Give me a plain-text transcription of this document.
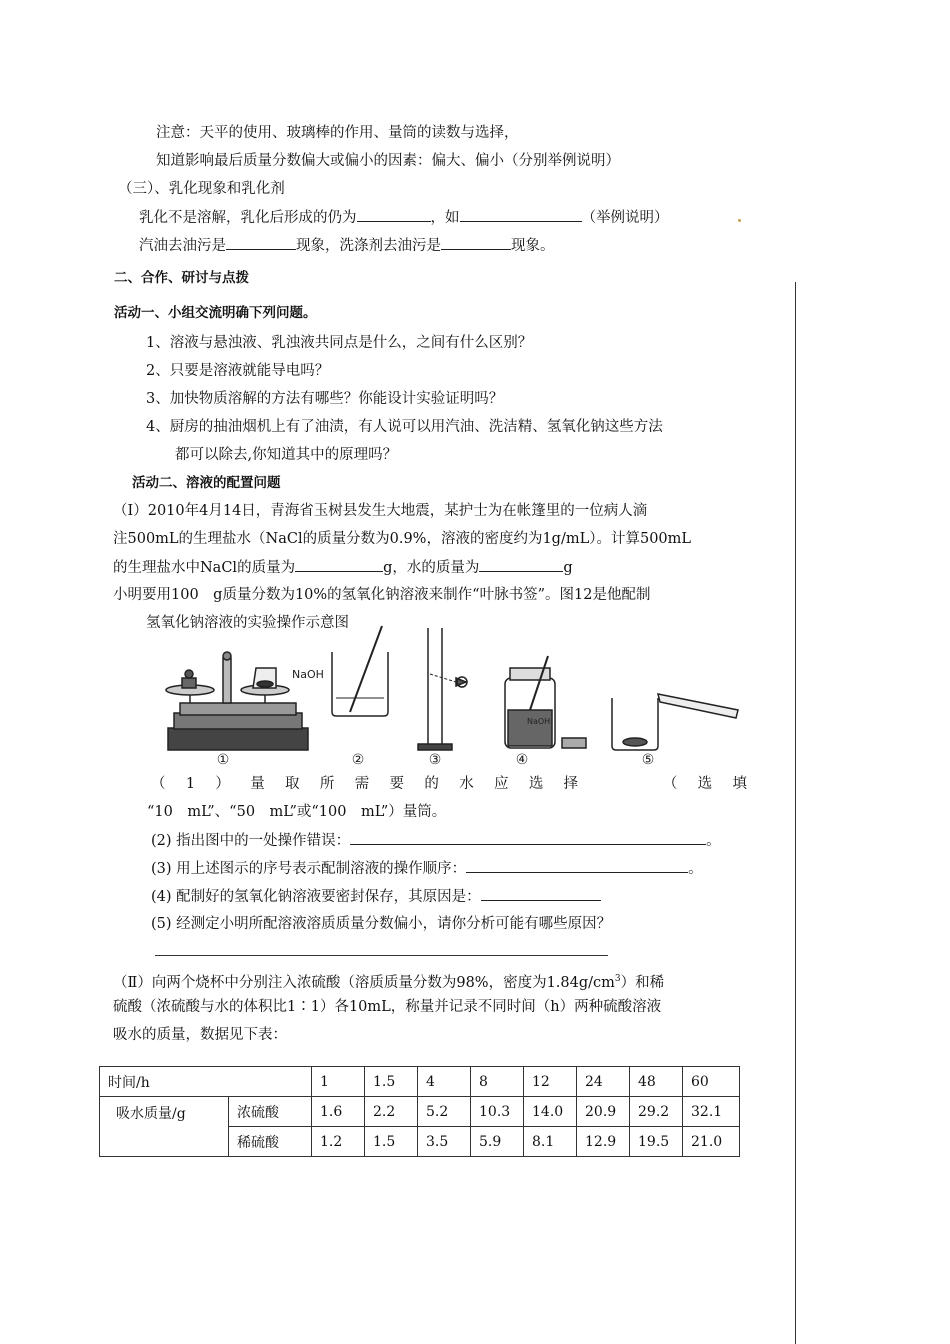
注意：天平的使用、玻璃棒的作用、量筒的读数与选择，
知道影响最后质量分数偏大或偏小的因素：偏大、偏小（分别举例说明）
（三）、乳化现象和乳化剂
乳化不是溶解，乳化后形成的仍为	，如	（举例说明）
汽油去油污是	现象，洗涤剂去油污是	现象。
二、合作、研讨与点拨
活动一、小组交流明确下列问题。
1、溶液与悬浊液、乳浊液共同点是什么，之间有什么区别？
2、只要是溶液就能导电吗？
3、加快物质溶解的方法有哪些？你能设计实验证明吗？
4、厨房的抽油烟机上有了油渍，有人说可以用汽油、洗洁精、氢氧化钠这些方法
都可以除去,你知道其中的原理吗？
活动二、溶液的配置问题
（Ⅰ）2010年4月14日，青海省玉树县发生大地震，某护士为在帐篷里的一位病人滴
注500mL的生理盐水（NaCl的质量分数为0.9%，溶液的密度约为1g/mL）。计算500mL
的生理盐水中NaCl的质量为	g，水的质量为	g
小明要用100　g质量分数为10%的氢氧化钠溶液来制作“叶脉书签”。图12是他配制
氢氧化钠溶液的实验操作示意图
①
NaOH
②	③
NaOH
④	⑤
（ 1 ） 量 取 所 需 要 的 水 应 选 择	（ 选 填
“10　mL”、“50　mL”或“100　mL”）量筒。
(2) 指出图中的一处操作错误：	。
(3) 用上述图示的序号表示配制溶液的操作顺序：	。
(4) 配制好的氢氧化钠溶液要密封保存，其原因是：
(5) 经测定小明所配溶液溶质质量分数偏小，请你分析可能有哪些原因？
（Ⅱ）向两个烧杯中分别注入浓硫酸（溶质质量分数为98%，密度为$1.84g/cm^3$）和稀
硫酸（浓硫酸与水的体积比1∶1）各10mL，称量并记录不同时间（h）两种硫酸溶液
吸水的质量，数据见下表：
时间/h		1	1.5	4	8	12	24	48	60
吸水质量/g	浓硫酸	1.6	2.2	5.2	10.3	14.0	20.9	29.2	32.1
	稀硫酸	1.2	1.5	3.5	5.9	8.1	12.9	19.5	21.0
